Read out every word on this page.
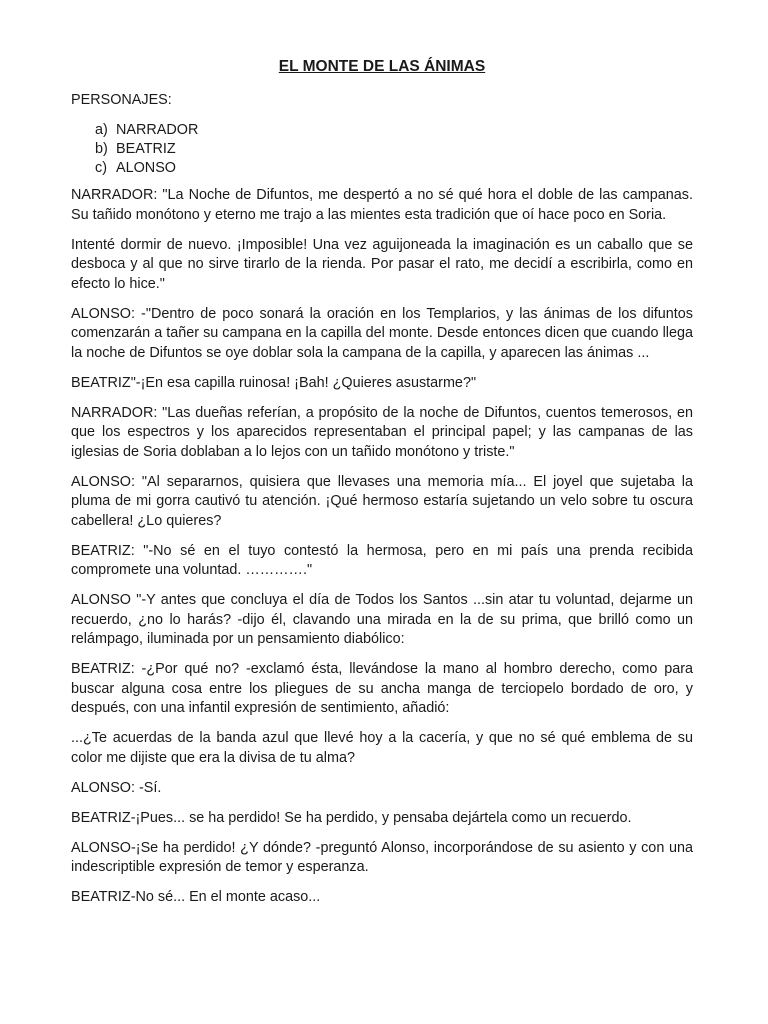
EL MONTE DE LAS ÁNIMAS
PERSONAJES:
a) NARRADOR
b) BEATRIZ
c) ALONSO

NARRADOR: "La Noche de Difuntos, me despertó a no sé qué hora el doble de las campanas. Su tañido monótono y eterno me trajo a las mientes esta tradición que oí hace poco en Soria.

Intenté dormir de nuevo. ¡Imposible! Una vez aguijoneada la imaginación es un caballo que se desboca y al que no sirve tirarlo de la rienda. Por pasar el rato, me decidí a escribirla, como en efecto lo hice."

ALONSO: -"Dentro de poco sonará la oración en los Templarios, y las ánimas de los difuntos comenzarán a tañer su campana en la capilla del monte. Desde entonces dicen que cuando llega la noche de Difuntos se oye doblar sola la campana de la capilla, y aparecen las ánimas ...

BEATRIZ"-¡En esa capilla ruinosa! ¡Bah! ¿Quieres asustarme?"

NARRADOR: "Las dueñas referían, a propósito de la noche de Difuntos, cuentos temerosos, en que los espectros y los aparecidos representaban el principal papel; y las campanas de las iglesias de Soria doblaban a lo lejos con un tañido monótono y triste."

ALONSO: "Al separarnos, quisiera que llevases una memoria mía... El joyel que sujetaba la pluma de mi gorra cautivó tu atención. ¡Qué hermoso estaría sujetando un velo sobre tu oscura cabellera! ¿Lo quieres?

BEATRIZ: "-No sé en el tuyo contestó la hermosa, pero en mi país una prenda recibida compromete una voluntad. …………."

ALONSO "-Y antes que concluya el día de Todos los Santos ...sin atar tu voluntad, dejarme un recuerdo, ¿no lo harás? -dijo él, clavando una mirada en la de su prima, que brilló como un relámpago, iluminada por un pensamiento diabólico:

BEATRIZ: -¿Por qué no? -exclamó ésta, llevándose la mano al hombro derecho, como para buscar alguna cosa entre los pliegues de su ancha manga de terciopelo bordado de oro, y después, con una infantil expresión de sentimiento, añadió:

...¿Te acuerdas de la banda azul que llevé hoy a la cacería, y que no sé qué emblema de su color me dijiste que era la divisa de tu alma?

ALONSO: -Sí.

BEATRIZ-¡Pues... se ha perdido! Se ha perdido, y pensaba dejártela como un recuerdo.

ALONSO-¡Se ha perdido! ¿Y dónde? -preguntó Alonso, incorporándose de su asiento y con una indescriptible expresión de temor y esperanza.

BEATRIZ-No sé... En el monte acaso...
